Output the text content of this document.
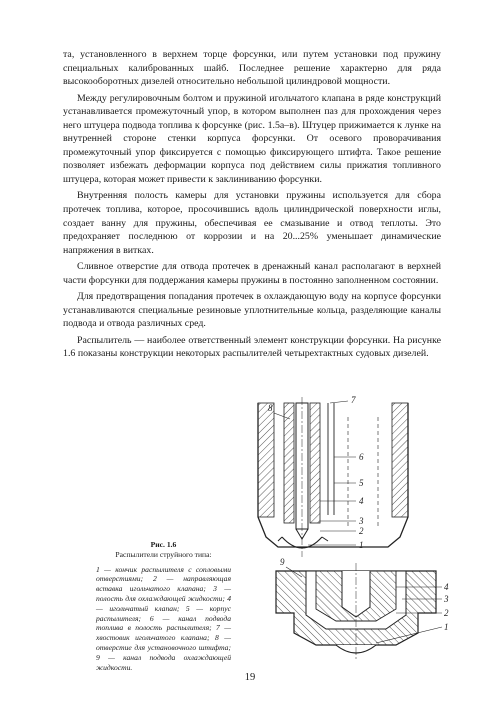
та, установленного в верхнем торце форсунки, или путем установки под пружину специальных калиброванных шайб. Последнее решение характерно для ряда высокооборотных дизелей относительно небольшой цилиндровой мощности.

Между регулировочным болтом и пружиной игольчатого клапана в ряде конструкций устанавливается промежуточный упор, в котором выполнен паз для прохождения через него штуцера подвода топлива к форсунке (рис. 1.5а–в). Штуцер прижимается к лунке на внутренней стороне стенки корпуса форсунки. От осевого проворачивания промежуточный упор фиксируется с помощью фиксирующего штифта. Такое решение позволяет избежать деформации корпуса под действием силы прижатия топливного штуцера, которая может привести к заклиниванию форсунки.

Внутренняя полость камеры для установки пружины используется для сбора протечек топлива, которое, просочившись вдоль цилиндрической поверхности иглы, создает ванну для пружины, обеспечивая ее смазывание и отвод теплоты. Это предохраняет последнюю от коррозии и на 20...25% уменьшает динамические напряжения в витках.

Сливное отверстие для отвода протечек в дренажный канал располагают в верхней части форсунки для поддержания камеры пружины в постоянно заполненном состоянии.

Для предотвращения попадания протечек в охлаждающую воду на корпусе форсунки устанавливаются специальные резиновые уплотнительные кольца, разделяющие каналы подвода и отвода различных сред.

Распылитель — наиболее ответственный элемент конструкции форсунки. На рисунке 1.6 показаны конструкции некоторых распылителей четырехтактных судовых дизелей.

8
7
6
5
4
3
2
1
9
4
3
2
1

Рис. 1.6

Распылители струйного типа:

1 — кончик распылителя с сопловыми отверстиями; 2 — направляющая вставка игольчатого клапана; 3 — полость для охлаждающей жидкости; 4 — игольчатый клапан; 5 — корпус распылителя; 6 — канал подвода топлива в полость распылителя; 7 — хвостовик игольчатого клапана; 8 — отверстие для установочного штифта; 9 — канал подвода охлаждающей жидкости.

19
